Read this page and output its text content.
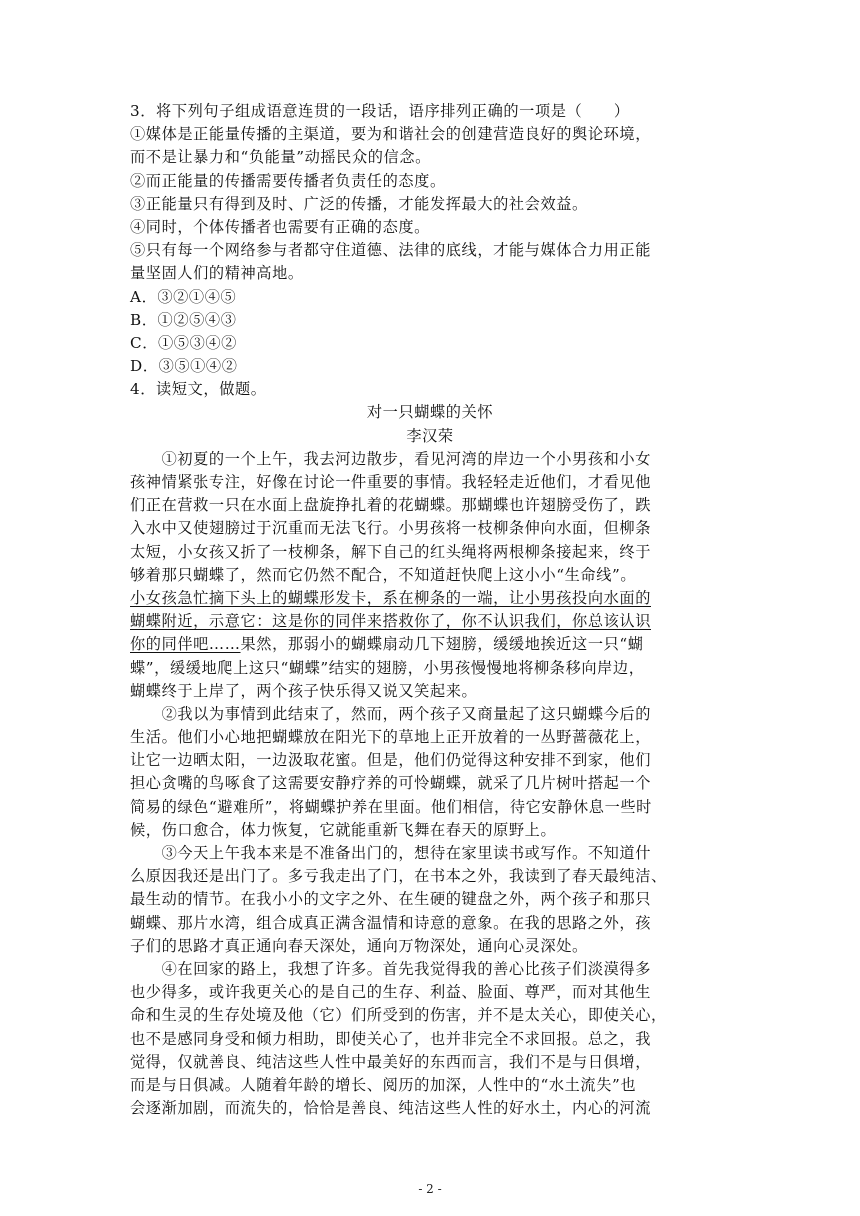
3．将下列句子组成语意连贯的一段话，语序排列正确的一项是（　　）
①媒体是正能量传播的主渠道，要为和谐社会的创建营造良好的舆论环境，
而不是让暴力和“负能量”动摇民众的信念。
②而正能量的传播需要传播者负责任的态度。
③正能量只有得到及时、广泛的传播，才能发挥最大的社会效益。
④同时，个体传播者也需要有正确的态度。
⑤只有每一个网络参与者都守住道德、法律的底线，才能与媒体合力用正能
量坚固人们的精神高地。
A．③②①④⑤
B．①②⑤④③
C．①⑤③④②
D．③⑤①④②
4．读短文，做题。
对一只蝴蝶的关怀
李汉荣
　　①初夏的一个上午，我去河边散步，看见河湾的岸边一个小男孩和小女
孩神情紧张专注，好像在讨论一件重要的事情。我轻轻走近他们，才看见他
们正在营救一只在水面上盘旋挣扎着的花蝴蝶。那蝴蝶也许翅膀受伤了，跌
入水中又使翅膀过于沉重而无法飞行。小男孩将一枝柳条伸向水面，但柳条
太短，小女孩又折了一枝柳条，解下自己的红头绳将两根柳条接起来，终于
够着那只蝴蝶了，然而它仍然不配合，不知道赶快爬上这小小“生命线”。
小女孩急忙摘下头上的蝴蝶形发卡，系在柳条的一端，让小男孩投向水面的
蝴蝶附近，示意它：这是你的同伴来搭救你了，你不认识我们，你总该认识
你的同伴吧……果然，那弱小的蝴蝶扇动几下翅膀，缓缓地挨近这一只“蝴
蝶”，缓缓地爬上这只“蝴蝶”结实的翅膀，小男孩慢慢地将柳条移向岸边，
蝴蝶终于上岸了，两个孩子快乐得又说又笑起来。
　　②我以为事情到此结束了，然而，两个孩子又商量起了这只蝴蝶今后的
生活。他们小心地把蝴蝶放在阳光下的草地上正开放着的一丛野蔷薇花上，
让它一边晒太阳，一边汲取花蜜。但是，他们仍觉得这种安排不到家，他们
担心贪嘴的鸟啄食了这需要安静疗养的可怜蝴蝶，就采了几片树叶搭起一个
简易的绿色“避难所”，将蝴蝶护养在里面。他们相信，待它安静休息一些时
候，伤口愈合，体力恢复，它就能重新飞舞在春天的原野上。
　　③今天上午我本来是不准备出门的，想待在家里读书或写作。不知道什
么原因我还是出门了。多亏我走出了门，在书本之外，我读到了春天最纯洁、
最生动的情节。在我小小的文字之外、在生硬的键盘之外，两个孩子和那只
蝴蝶、那片水湾，组合成真正满含温情和诗意的意象。在我的思路之外，孩
子们的思路才真正通向春天深处，通向万物深处，通向心灵深处。
　　④在回家的路上，我想了许多。首先我觉得我的善心比孩子们淡漠得多
也少得多，或许我更关心的是自己的生存、利益、脸面、尊严，而对其他生
命和生灵的生存处境及他（它）们所受到的伤害，并不是太关心，即使关心，
也不是感同身受和倾力相助，即使关心了，也并非完全不求回报。总之，我
觉得，仅就善良、纯洁这些人性中最美好的东西而言，我们不是与日俱增，
而是与日俱减。人随着年龄的增长、阅历的加深，人性中的“水土流失”也
会逐渐加剧，而流失的，恰恰是善良、纯洁这些人性的好水土，内心的河流
- 2 -
